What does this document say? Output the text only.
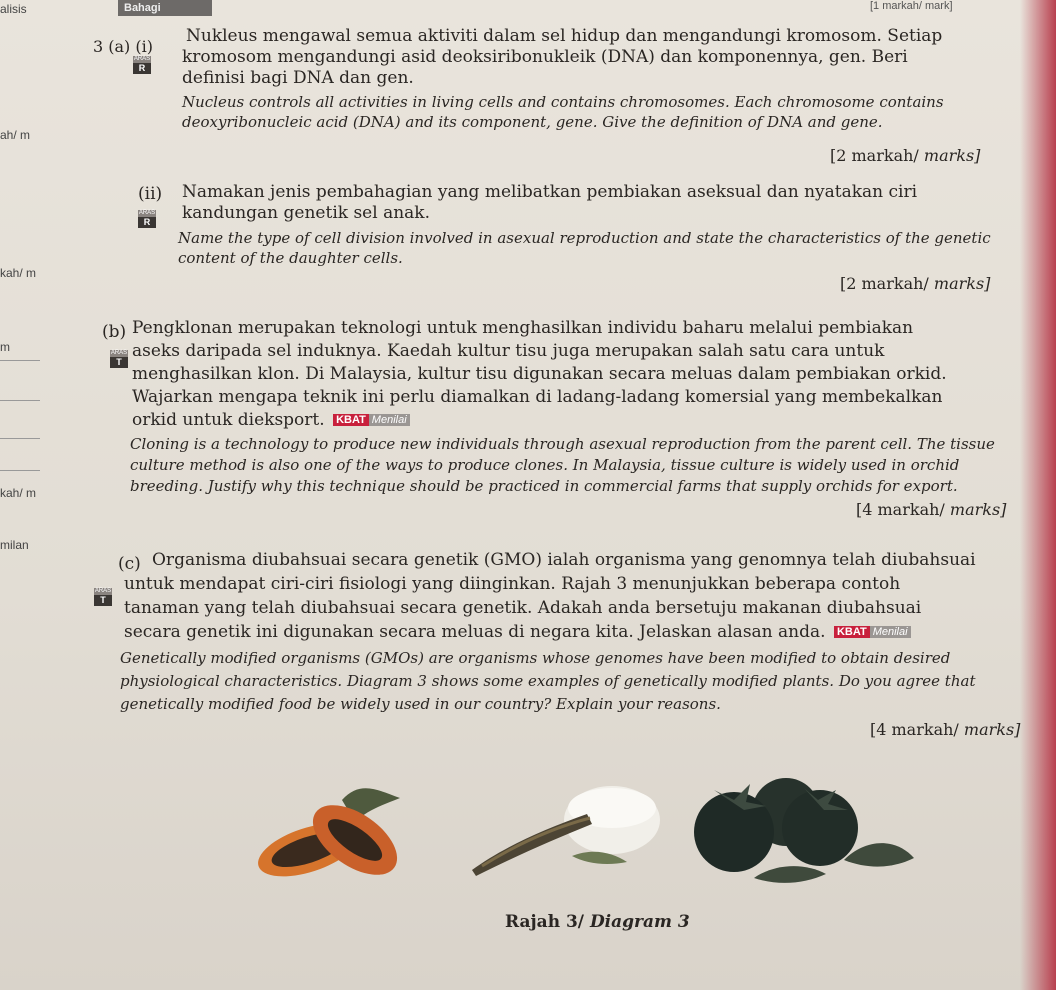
Bahagi	[1 markah/ mark]
alisis
ah/ m
kah/ m
m
kah/ m
milan
3 (a) (i)
ARAS
R
Nukleus mengawal semua aktiviti dalam sel hidup dan mengandungi kromosom. Setiap
kromosom mengandungi asid deoksiribonukleik (DNA) dan komponennya, gen. Beri
definisi bagi DNA dan gen.
Nucleus controls all activities in living cells and contains chromosomes. Each chromosome contains
deoxyribonucleic acid (DNA) and its component, gene. Give the definition of DNA and gene.
[2 markah/ marks]
(ii)
ARAS
R
Namakan jenis pembahagian yang melibatkan pembiakan aseksual dan nyatakan ciri
kandungan genetik sel anak.
Name the type of cell division involved in asexual reproduction and state the characteristics of the genetic
content of the daughter cells.
[2 markah/ marks]
(b)
ARAS
T
Pengklonan merupakan teknologi untuk menghasilkan individu baharu melalui pembiakan
aseks daripada sel induknya. Kaedah kultur tisu juga merupakan salah satu cara untuk
menghasilkan klon. Di Malaysia, kultur tisu digunakan secara meluas dalam pembiakan orkid.
Wajarkan mengapa teknik ini perlu diamalkan di ladang-ladang komersial yang membekalkan
orkid untuk dieksport. KBAT Menilai
Cloning is a technology to produce new individuals through asexual reproduction from the parent cell. The tissue
culture method is also one of the ways to produce clones. In Malaysia, tissue culture is widely used in orchid
breeding. Justify why this technique should be practiced in commercial farms that supply orchids for export.
[4 markah/ marks]
(c)
ARAS
T
Organisma diubahsuai secara genetik (GMO) ialah organisma yang genomnya telah diubahsuai
untuk mendapat ciri-ciri fisiologi yang diinginkan. Rajah 3 menunjukkan beberapa contoh
tanaman yang telah diubahsuai secara genetik. Adakah anda bersetuju makanan diubahsuai
secara genetik ini digunakan secara meluas di negara kita. Jelaskan alasan anda. KBAT Menilai
Genetically modified organisms (GMOs) are organisms whose genomes have been modified to obtain desired
physiological characteristics. Diagram 3 shows some examples of genetically modified plants. Do you agree that
genetically modified food be widely used in our country? Explain your reasons.
[4 markah/ marks]
Rajah 3/ Diagram 3
